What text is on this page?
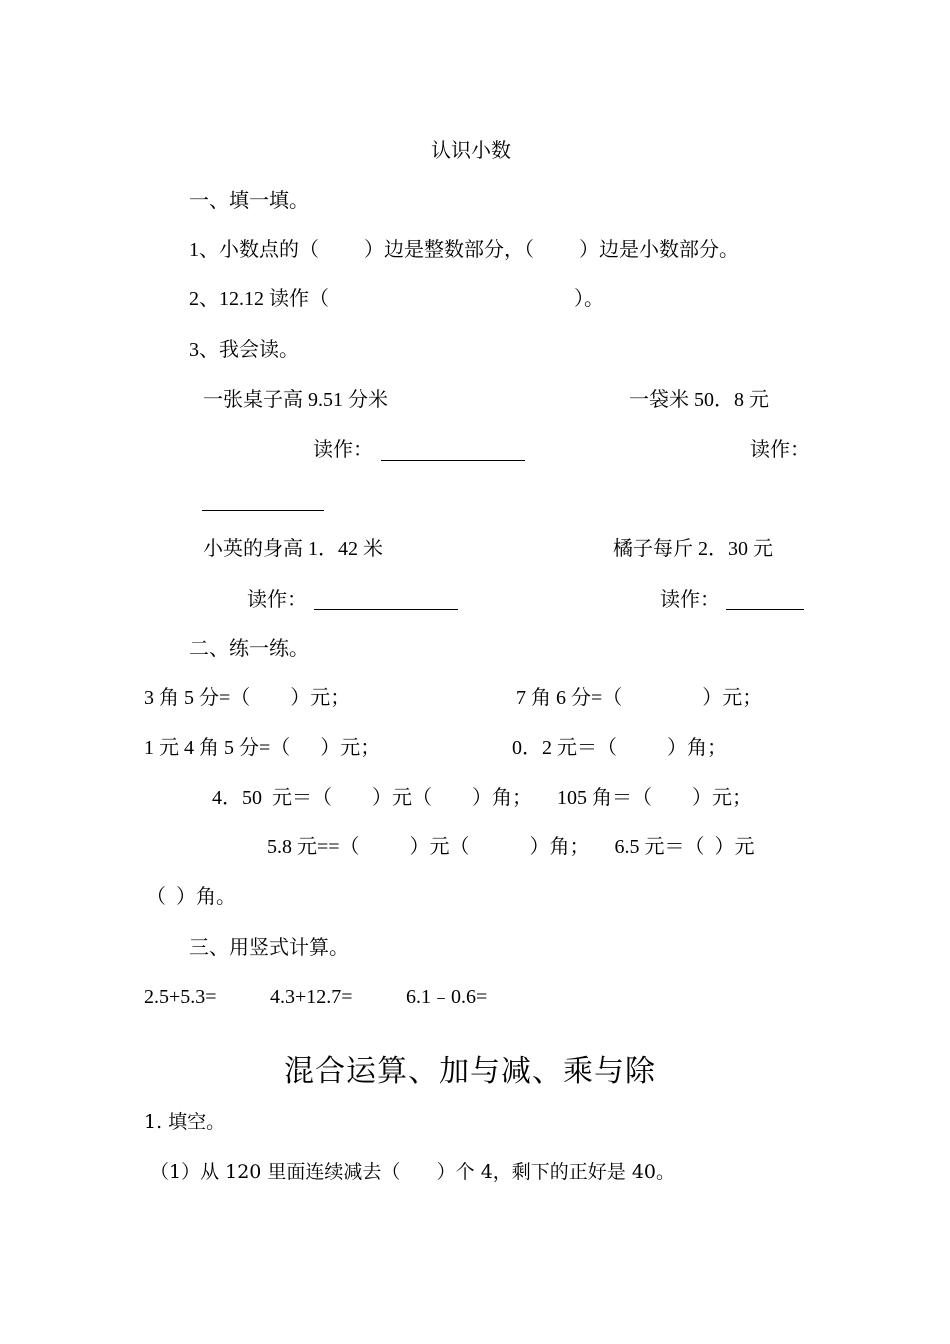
认识小数
一、填一填。
1、小数点的（         ）边是整数部分，（         ）边是小数部分。
2、12.12 读作（                                                 ）。
3、我会读。
一张桌子高 9.51 分米	一袋米 50．8 元
读作：	读作：
小英的身高 1．42 米	橘子每斤 2．30 元
读作：	读作：
二、练一练。
3 角 5 分=（        ）元；	7 角 6 分=（                ）元；
1 元 4 角 5 分=（      ）元；	0．2 元＝（          ）角；
4．50  元＝（        ）元（        ）角；     105 角＝（        ）元；
5.8 元==（          ）元（            ）角；     6.5 元＝（  ）元
（  ）角。
三、用竖式计算。
2.5+5.3=	4.3+12.7=	6.1﹣0.6=
混合运算、加与减、乘与除
1. 填空。
（1）从 120 里面连续减去（      ）个 4，剩下的正好是 40。
